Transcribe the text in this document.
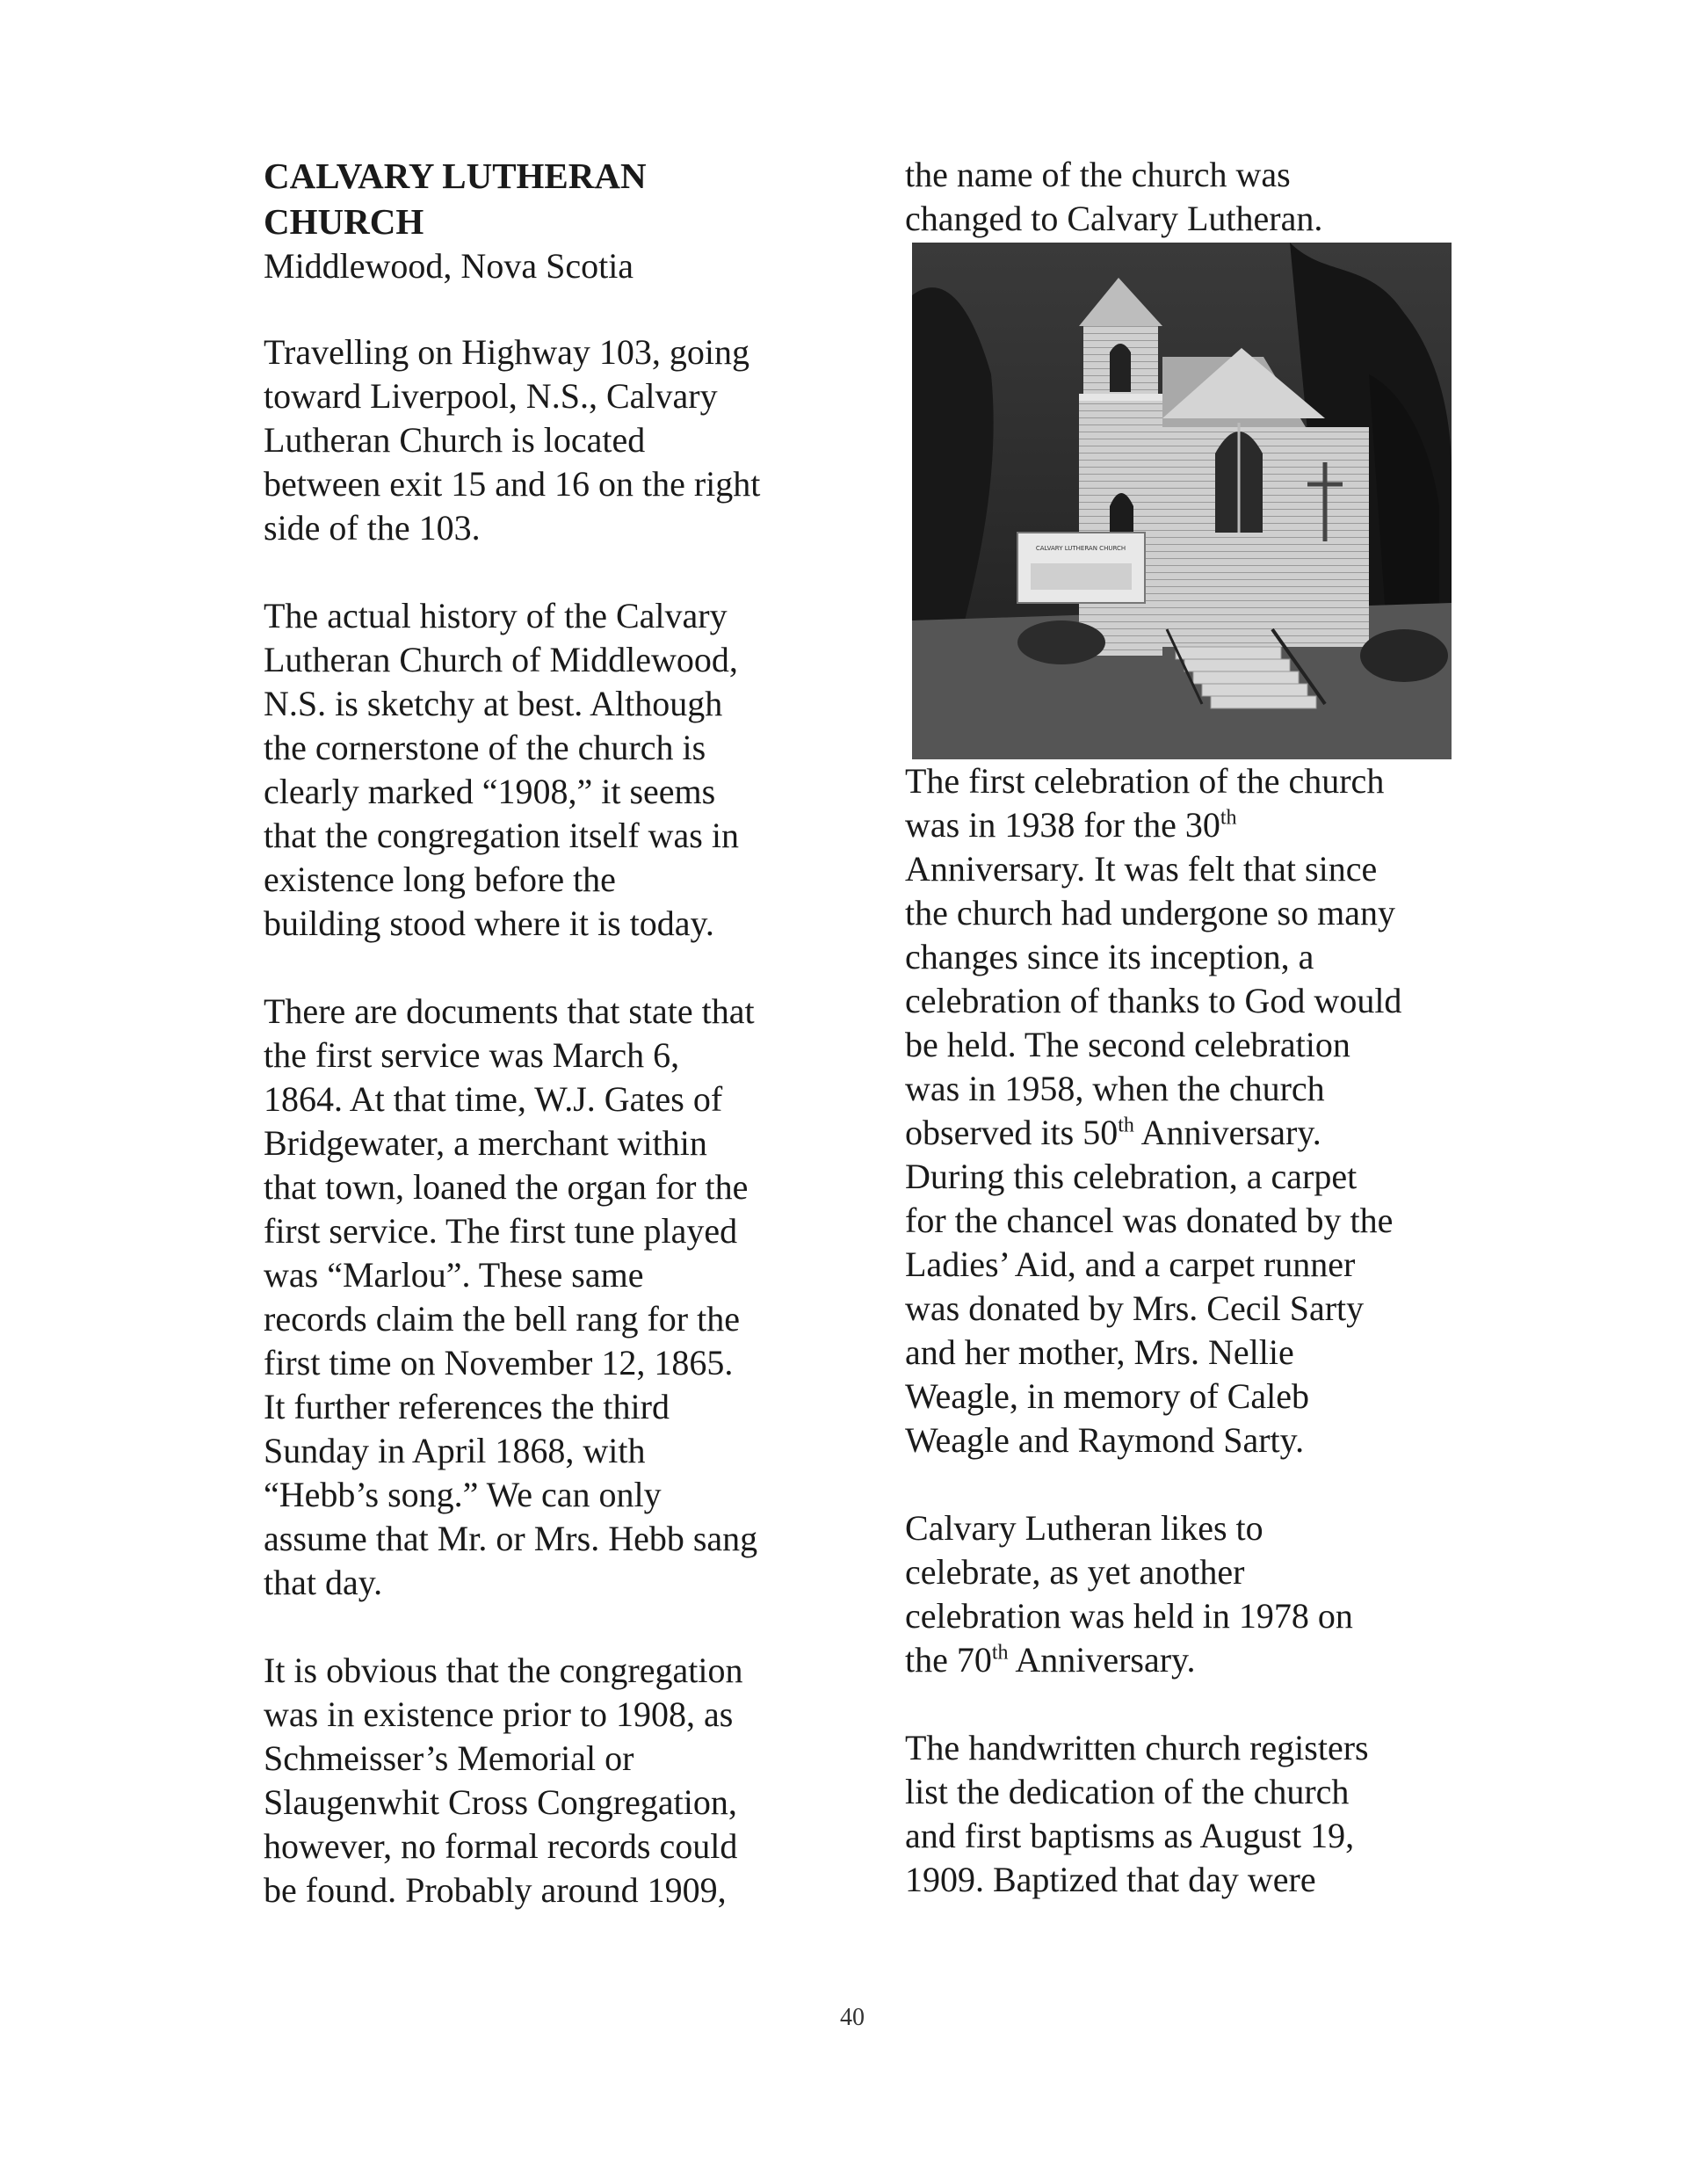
CALVARY LUTHERAN
CHURCH

Middlewood, Nova Scotia

Travelling on Highway 103, going
toward Liverpool, N.S., Calvary
Lutheran Church is located
between exit 15 and 16 on the right
side of the 103.

The actual history of the Calvary
Lutheran Church of Middlewood,
N.S. is sketchy at best. Although
the cornerstone of the church is
clearly marked “1908,” it seems
that the congregation itself was in
existence long before the
building stood where it is today.

There are documents that state that
the first service was March 6,
1864. At that time, W.J. Gates of
Bridgewater, a merchant within
that town, loaned the organ for the
first service. The first tune played
was “Marlou”. These same
records claim the bell rang for the
first time on November 12, 1865.
It further references the third
Sunday in April 1868, with
“Hebb’s song.” We can only
assume that Mr. or Mrs. Hebb sang
that day.

It is obvious that the congregation
was in existence prior to 1908, as
Schmeisser’s Memorial or
Slaugenwhit Cross Congregation,
however, no formal records could
be found. Probably around 1909,

the name of the church was
changed to Calvary Lutheran.

CALVARY LUTHERAN CHURCH

The first celebration of the church
was in 1938 for the 30th
Anniversary. It was felt that since
the church had undergone so many
changes since its inception, a
celebration of thanks to God would
be held. The second celebration
was in 1958, when the church
observed its 50th Anniversary.
During this celebration, a carpet
for the chancel was donated by the
Ladies’ Aid, and a carpet runner
was donated by Mrs. Cecil Sarty
and her mother, Mrs. Nellie
Weagle, in memory of Caleb
Weagle and Raymond Sarty.

Calvary Lutheran likes to
celebrate, as yet another
celebration was held in 1978 on
the 70th Anniversary.

The handwritten church registers
list the dedication of the church
and first baptisms as August 19,
1909. Baptized that day were

40
